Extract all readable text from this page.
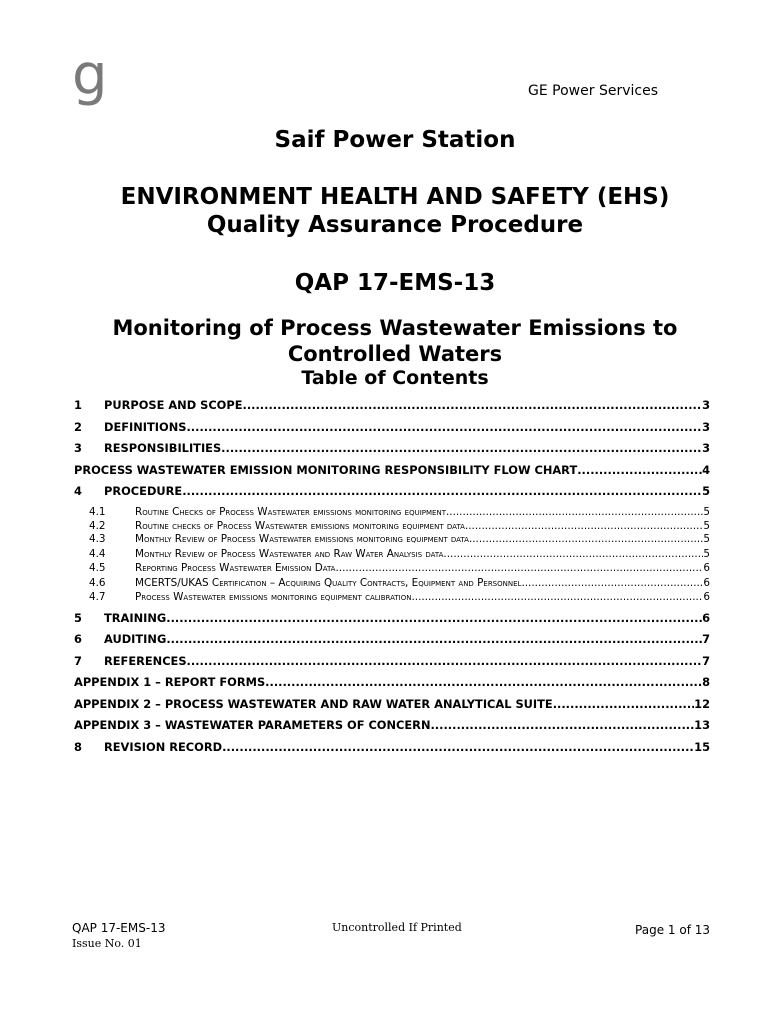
g	GE Power Services
Saif Power Station
ENVIRONMENT HEALTH AND SAFETY (EHS)
Quality Assurance Procedure
QAP 17-EMS-13
Monitoring of Process Wastewater Emissions to Controlled Waters
Table of Contents
1	PURPOSE AND SCOPE .....	3
2	DEFINITIONS .....	3
3	RESPONSIBILITIES .....	3
PROCESS WASTEWATER EMISSION MONITORING RESPONSIBILITY FLOW CHART .....	4
4	PROCEDURE .....	5
4.1	Routine Checks of Process Wastewater emissions monitoring equipment .....	5
4.2	Routine checks of Process Wastewater emissions monitoring equipment data .....	5
4.3	Monthly Review of Process Wastewater emissions monitoring equipment data .....	5
4.4	Monthly Review of Process Wastewater and Raw Water Analysis data .....	5
4.5	Reporting Process Wastewater Emission Data .....	6
4.6	MCERTS/UKAS Certification – Acquiring Quality Contracts, Equipment and Personnel .....	6
4.7	Process Wastewater emissions monitoring equipment calibration .....	6
5	TRAINING .....	6
6	AUDITING .....	7
7	REFERENCES .....	7
APPENDIX 1 – REPORT FORMS .....	8
APPENDIX 2 – PROCESS WASTEWATER AND RAW WATER ANALYTICAL SUITE .....	12
APPENDIX 3 – WASTEWATER PARAMETERS OF CONCERN .....	13
8	REVISION RECORD .....	15
QAP 17-EMS-13
Issue No. 01
Uncontrolled If Printed	Page 1 of 13
